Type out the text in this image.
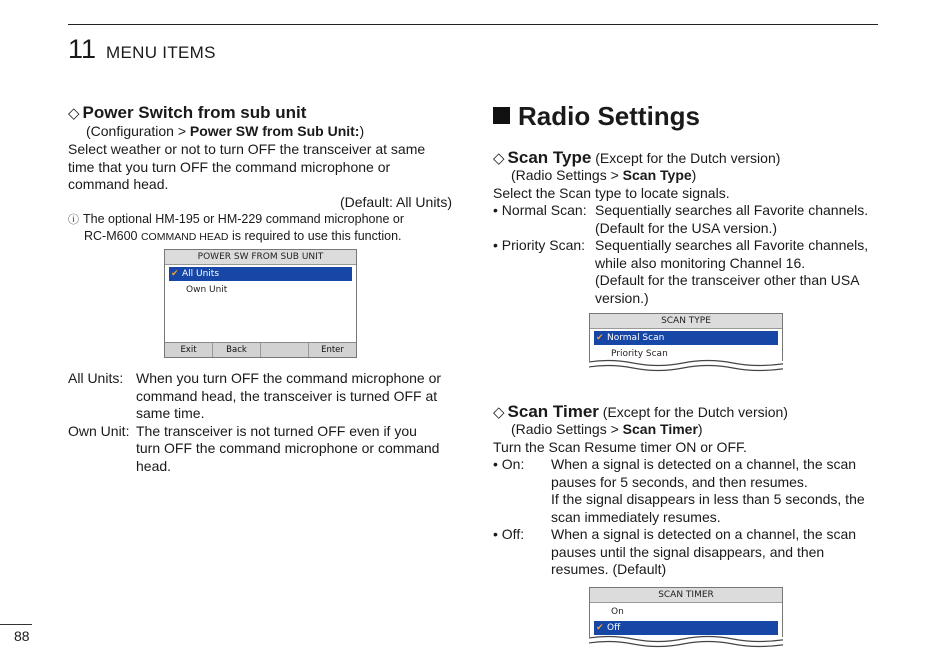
11 MENU ITEMS
◇ Power Switch from sub unit
(Configuration > Power SW from Sub Unit:)
Select weather or not to turn OFF the transceiver at same
time that you turn OFF the command microphone or
command head.
(Default: All Units)
ⓘ The optional HM-195 or HM-229 command microphone or
RC-M600 COMMAND HEAD is required to use this function.
POWER SW FROM SUB UNIT
✔ All Units
Own Unit
Exit	Back	Enter
All Units: When you turn OFF the command microphone or
command head, the transceiver is turned OFF at
same time.
Own Unit: The transceiver is not turned OFF even if you
turn OFF the command microphone or command
head.
Radio Settings
◇ Scan Type (Except for the Dutch version)
(Radio Settings > Scan Type)
Select the Scan type to locate signals.
• Normal Scan: Sequentially searches all Favorite channels.
(Default for the USA version.)
• Priority Scan: Sequentially searches all Favorite channels,
while also monitoring Channel 16.
(Default for the transceiver other than USA
version.)
SCAN TYPE
✔ Normal Scan
Priority Scan
◇ Scan Timer (Except for the Dutch version)
(Radio Settings > Scan Timer)
Turn the Scan Resume timer ON or OFF.
• On: When a signal is detected on a channel, the scan
pauses for 5 seconds, and then resumes.
If the signal disappears in less than 5 seconds, the
scan immediately resumes.
• Off: When a signal is detected on a channel, the scan
pauses until the signal disappears, and then
resumes. (Default)
SCAN TIMER
On
✔ Off
88
